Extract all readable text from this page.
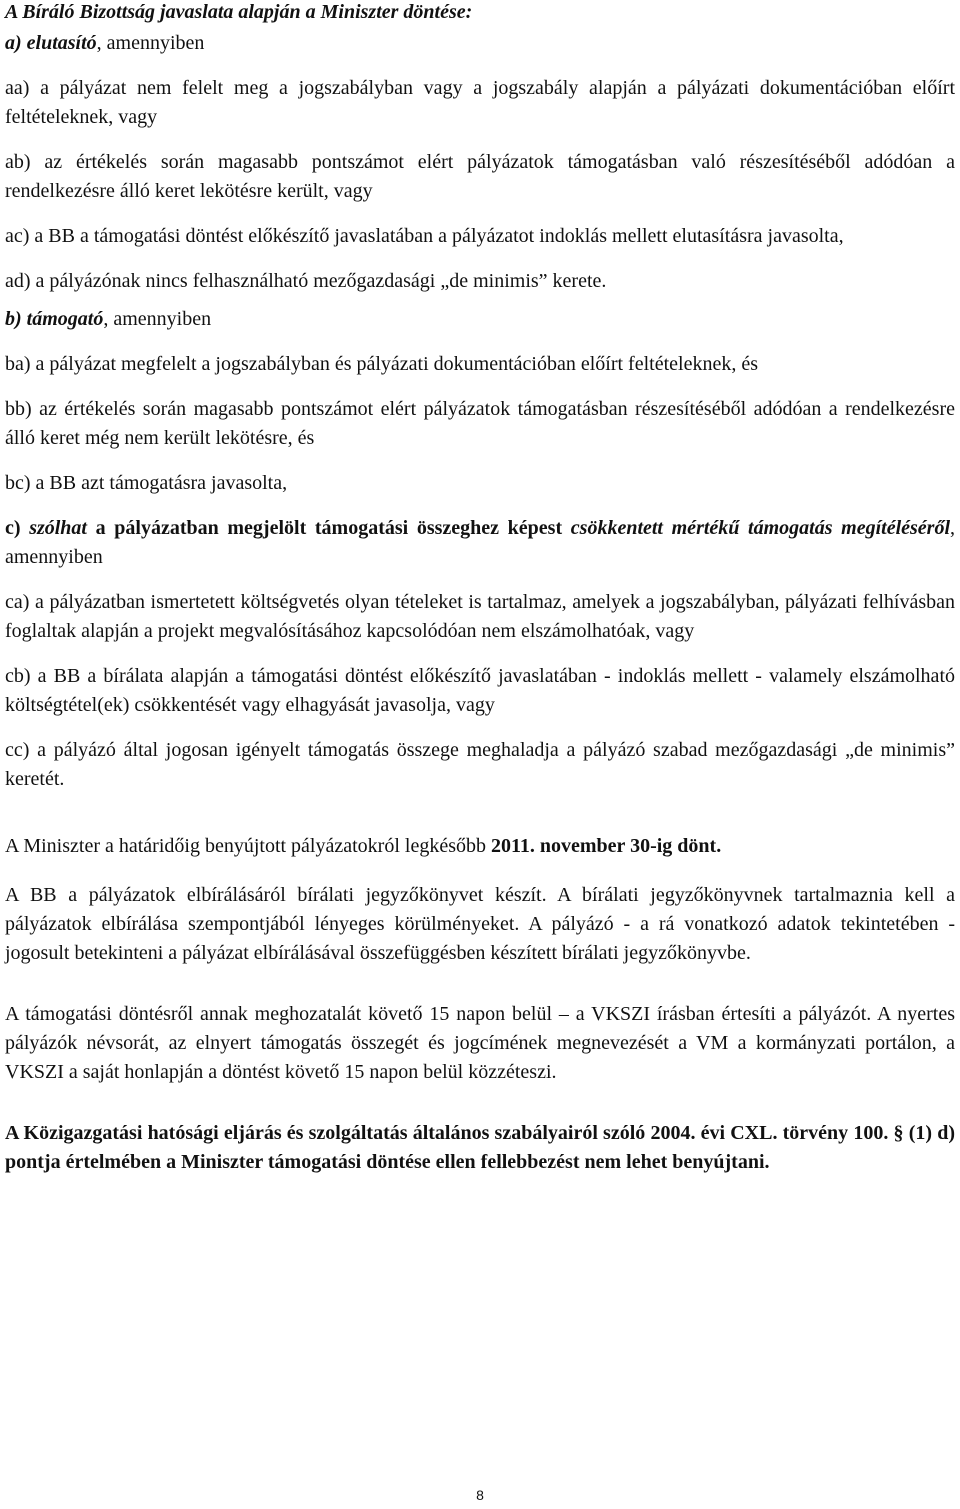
A Bíráló Bizottság javaslata alapján a Miniszter döntése:

a) elutasító, amennyiben

aa) a pályázat nem felelt meg a jogszabályban vagy a jogszabály alapján a pályázati dokumentációban előírt feltételeknek, vagy

ab) az értékelés során magasabb pontszámot elért pályázatok támogatásban való részesítéséből adódóan a rendelkezésre álló keret lekötésre került, vagy

ac) a BB a támogatási döntést előkészítő javaslatában a pályázatot indoklás mellett elutasításra javasolta,

ad) a pályázónak nincs felhasználható mezőgazdasági „de minimis” kerete.

b) támogató, amennyiben

ba) a pályázat megfelelt a jogszabályban és pályázati dokumentációban előírt feltételeknek, és

bb) az értékelés során magasabb pontszámot elért pályázatok támogatásban részesítéséből adódóan a rendelkezésre álló keret még nem került lekötésre, és

bc) a BB azt támogatásra javasolta,

c) szólhat a pályázatban megjelölt támogatási összeghez képest csökkentett mértékű támogatás megítéléséről, amennyiben

ca) a pályázatban ismertetett költségvetés olyan tételeket is tartalmaz, amelyek a jogszabályban, pályázati felhívásban foglaltak alapján a projekt megvalósításához kapcsolódóan nem elszámolhatóak, vagy

cb) a BB a bírálata alapján a támogatási döntést előkészítő javaslatában - indoklás mellett - valamely elszámolható költségtétel(ek) csökkentését vagy elhagyását javasolja, vagy

cc) a pályázó által jogosan igényelt támogatás összege meghaladja a pályázó szabad mezőgazdasági „de minimis” keretét.

A Miniszter a határidőig benyújtott pályázatokról legkésőbb 2011. november 30-ig dönt.

A BB a pályázatok elbírálásáról bírálati jegyzőkönyvet készít. A bírálati jegyzőkönyvnek tartalmaznia kell a pályázatok elbírálása szempontjából lényeges körülményeket. A pályázó - a rá vonatkozó adatok tekintetében - jogosult betekinteni a pályázat elbírálásával összefüggésben készített bírálati jegyzőkönyvbe.

A támogatási döntésről annak meghozatalát követő 15 napon belül – a VKSZI írásban értesíti a pályázót. A nyertes pályázók névsorát, az elnyert támogatás összegét és jogcímének megnevezését a VM a kormányzati portálon, a VKSZI a saját honlapján a döntést követő 15 napon belül közzéteszi.

A Közigazgatási hatósági eljárás és szolgáltatás általános szabályairól szóló 2004. évi CXL. törvény 100. § (1) d) pontja értelmében a Miniszter támogatási döntése ellen fellebbezést nem lehet benyújtani.

8
